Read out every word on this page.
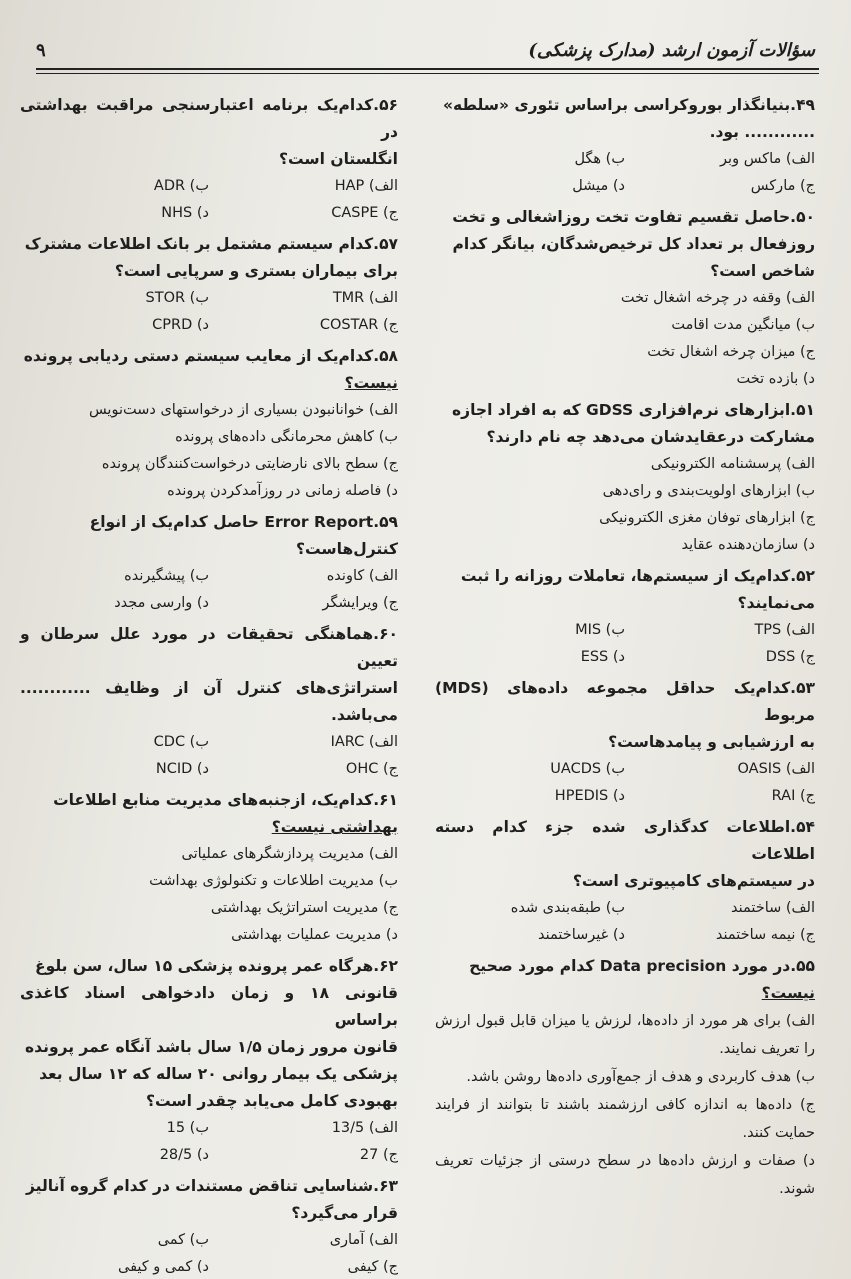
سؤالات آزمون ارشد (مدارک پزشکی)
۹
۴۹.بنیانگذار بوروکراسی براساس تئوری «سلطه»
............ بود.
الف) ماکس وبر
ب) هگل
ج) مارکس
د) میشل
۵۰.حاصل تقسیم تفاوت تخت روزاشغالی و تخت
روزفعال بر تعداد کل ترخیص‌شدگان، بیانگر کدام
شاخص است؟
الف) وقفه در چرخه اشغال تخت
ب) میانگین مدت اقامت
ج) میزان چرخه اشغال تخت
د) بازده تخت
۵۱.ابزارهای نرم‌افزاری GDSS که به افراد اجازه
مشارکت درعقایدشان می‌دهد چه نام دارند؟
الف) پرسشنامه الکترونیکی
ب) ابزارهای اولویت‌بندی و رای‌دهی
ج) ابزارهای توفان مغزی الکترونیکی
د) سازمان‌دهنده عقاید
۵۲.کدام‌یک از سیستم‌ها، تعاملات روزانه را ثبت
می‌نمایند؟
الف) TPS
ب) MIS
ج) DSS
د) ESS
۵۳.کدام‌یک حداقل مجموعه داده‌های (MDS) مربوط
به ارزشیابی و پیامدهاست؟
الف) OASIS
ب) UACDS
ج) RAI
د) HPEDIS
۵۴.اطلاعات کدگذاری شده جزء کدام دسته اطلاعات
در سیستم‌های کامپیوتری است؟
الف) ساختمند
ب) طبقه‌بندی شده
ج) نیمه ساختمند
د) غیرساختمند
۵۵.در مورد Data precision کدام مورد صحیح
نیست؟
الف) برای هر مورد از داده‌ها، لرزش یا میزان قابل قبول ارزش را تعریف نمایند.
ب) هدف کاربردی و هدف از جمع‌آوری داده‌ها روشن باشد.
ج) داده‌ها به اندازه کافی ارزشمند باشند تا بتوانند از فرایند حمایت کنند.
د) صفات و ارزش داده‌ها در سطح درستی از جزئیات تعریف شوند.
۵۶.کدام‌یک برنامه اعتبارسنجی مراقبت بهداشتی در
انگلستان است؟
الف) HAP
ب) ADR
ج) CASPE
د) NHS
۵۷.کدام سیستم مشتمل بر بانک اطلاعات مشترک
برای بیماران بستری و سرپایی است؟
الف) TMR
ب) STOR
ج) COSTAR
د) CPRD
۵۸.کدام‌یک از معایب سیستم دستی ردیابی پرونده
نیست؟
الف) خوانانبودن بسیاری از درخواستهای دست‌نویس
ب) کاهش محرمانگی داده‌های پرونده
ج) سطح بالای نارضایتی درخواست‌کنندگان پرونده
د) فاصله زمانی در روزآمدکردن پرونده
۵۹.Error Report حاصل کدام‌یک از انواع
کنترل‌هاست؟
الف) کاونده
ب) پیشگیرنده
ج) ویرایشگر
د) وارسی مجدد
۶۰.هماهنگی تحقیقات در مورد علل سرطان و تعیین
استراتژی‌های کنترل آن از وظایف ............ می‌باشد.
الف) IARC
ب) CDC
ج) OHC
د) NCID
۶۱.کدام‌یک، ازجنبه‌های مدیریت منابع اطلاعات
بهداشتی نیست؟
الف) مدیریت پردازشگرهای عملیاتی
ب) مدیریت اطلاعات و تکنولوژی بهداشت
ج) مدیریت استراتژیک بهداشتی
د) مدیریت عملیات بهداشتی
۶۲.هرگاه عمر پرونده پزشکی ۱۵ سال، سن بلوغ
قانونی ۱۸ و زمان دادخواهی اسناد کاغذی براساس
قانون مرور زمان ۱/۵ سال باشد آنگاه عمر پرونده
پزشکی یک بیمار روانی ۲۰ ساله که ۱۲ سال بعد
بهبودی کامل می‌یابد چقدر است؟
الف) 13/5
ب) 15
ج) 27
د) 28/5
۶۳.شناسایی تناقض مستندات در کدام گروه آنالیز
قرار می‌گیرد؟
الف) آماری
ب) کمی
ج) کیفی
د) کمی و کیفی
